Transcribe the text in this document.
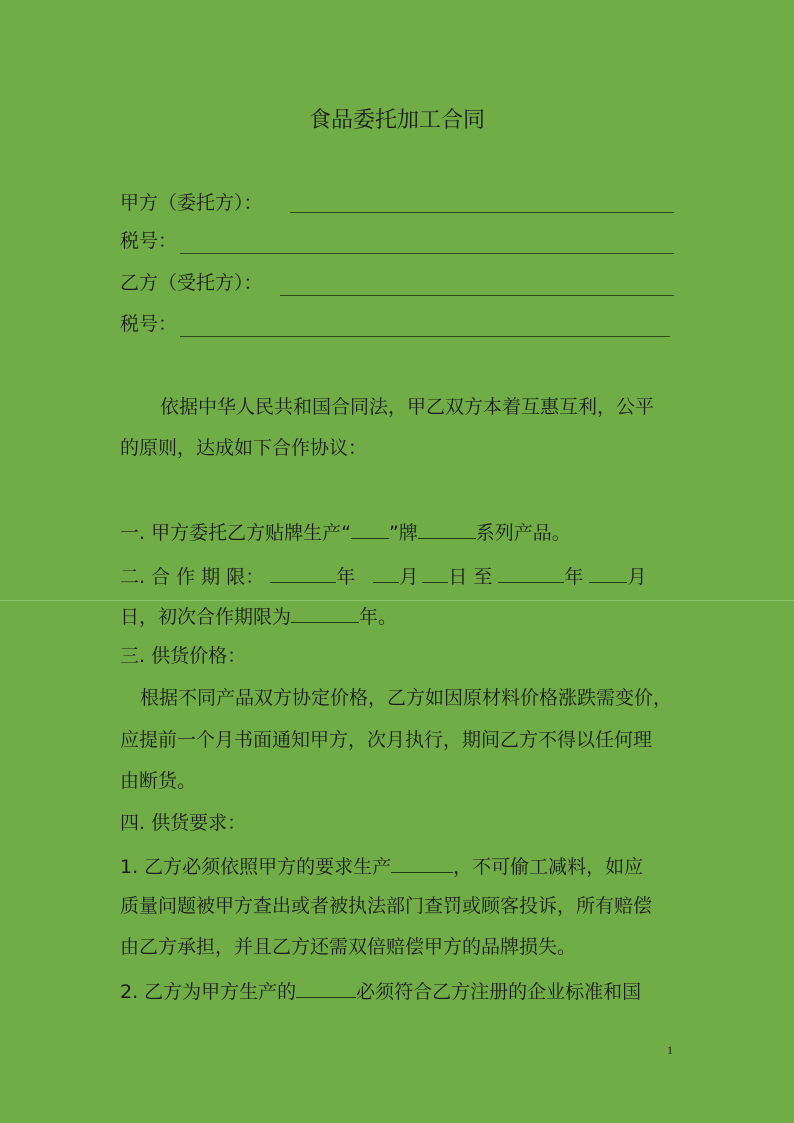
食品委托加工合同
甲方（委托方）：
税号：
乙方（受托方）：
税号：
依据中华人民共和国合同法，甲乙双方本着互惠互利，公平
的原则，达成如下合作协议：
一. 甲方委托乙方贴牌生产“ ”牌	系列产品。
二. 合 作 期 限：	年 月 日 至	年 月
日，初次合作期限为	年。
三. 供货价格：
根据不同产品双方协定价格，乙方如因原材料价格涨跌需变价，
应提前一个月书面通知甲方，次月执行，期间乙方不得以任何理
由断货。
四. 供货要求：
1. 乙方必须依照甲方的要求生产	，不可偷工减料，如应
质量问题被甲方查出或者被执法部门查罚或顾客投诉，所有赔偿
由乙方承担，并且乙方还需双倍赔偿甲方的品牌损失。
2. 乙方为甲方生产的	必须符合乙方注册的企业标准和国
1
